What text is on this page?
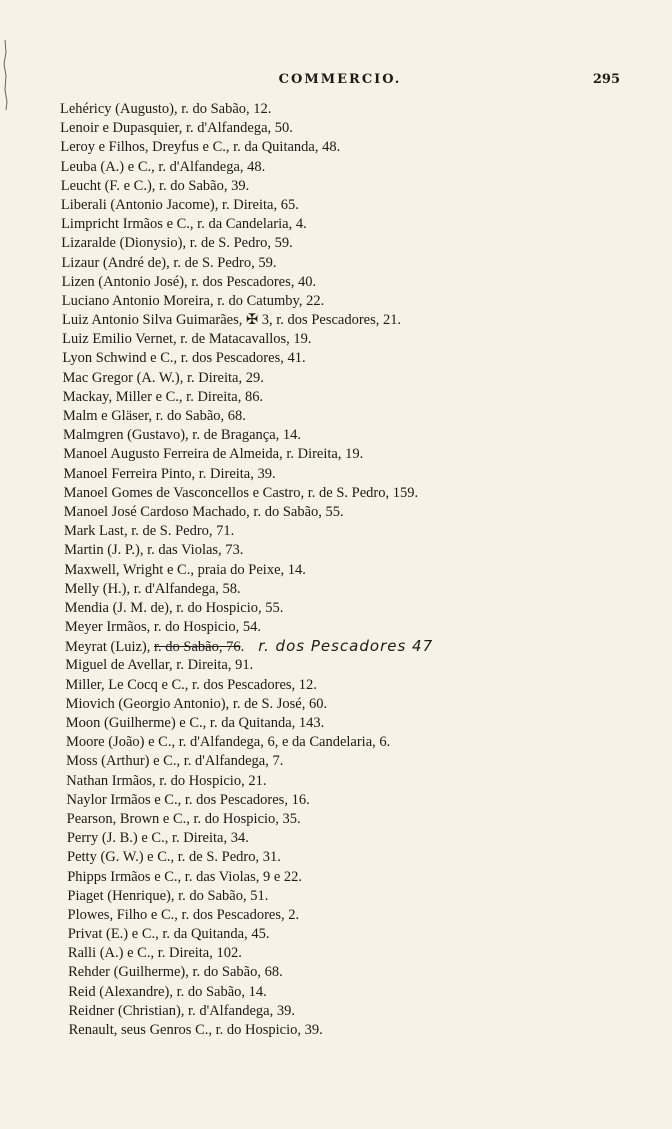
COMMERCIO.	295
Lehéricy (Augusto), r. do Sabão, 12.
Lenoir e Dupasquier, r. d'Alfandega, 50.
Leroy e Filhos, Dreyfus e C., r. da Quitanda, 48.
Leuba (A.) e C., r. d'Alfandega, 48.
Leucht (F. e C.), r. do Sabão, 39.
Liberali (Antonio Jacome), r. Direita, 65.
Limpricht Irmãos e C., r. da Candelaria, 4.
Lizaralde (Dionysio), r. de S. Pedro, 59.
Lizaur (André de), r. de S. Pedro, 59.
Lizen (Antonio José), r. dos Pescadores, 40.
Luciano Antonio Moreira, r. do Catumby, 22.
Luiz Antonio Silva Guimarães, ✠ 3, r. dos Pescadores, 21.
Luiz Emilio Vernet, r. de Matacavallos, 19.
Lyon Schwind e C., r. dos Pescadores, 41.
Mac Gregor (A. W.), r. Direita, 29.
Mackay, Miller e C., r. Direita, 86.
Malm e Gläser, r. do Sabão, 68.
Malmgren (Gustavo), r. de Bragança, 14.
Manoel Augusto Ferreira de Almeida, r. Direita, 19.
Manoel Ferreira Pinto, r. Direita, 39.
Manoel Gomes de Vasconcellos e Castro, r. de S. Pedro, 159.
Manoel José Cardoso Machado, r. do Sabão, 55.
Mark Last, r. de S. Pedro, 71.
Martin (J. P.), r. das Violas, 73.
Maxwell, Wright e C., praia do Peixe, 14.
Melly (H.), r. d'Alfandega, 58.
Mendia (J. M. de), r. do Hospicio, 55.
Meyer Irmãos, r. do Hospicio, 54.
Meyrat (Luiz), r. do Sabão, 76. r. dos Pescadores 47
Miguel de Avellar, r. Direita, 91.
Miller, Le Cocq e C., r. dos Pescadores, 12.
Miovich (Georgio Antonio), r. de S. José, 60.
Moon (Guilherme) e C., r. da Quitanda, 143.
Moore (João) e C., r. d'Alfandega, 6, e da Candelaria, 6.
Moss (Arthur) e C., r. d'Alfandega, 7.
Nathan Irmãos, r. do Hospicio, 21.
Naylor Irmãos e C., r. dos Pescadores, 16.
Pearson, Brown e C., r. do Hospicio, 35.
Perry (J. B.) e C., r. Direita, 34.
Petty (G. W.) e C., r. de S. Pedro, 31.
Phipps Irmãos e C., r. das Violas, 9 e 22.
Piaget (Henrique), r. do Sabão, 51.
Plowes, Filho e C., r. dos Pescadores, 2.
Privat (E.) e C., r. da Quitanda, 45.
Ralli (A.) e C., r. Direita, 102.
Rehder (Guilherme), r. do Sabão, 68.
Reid (Alexandre), r. do Sabão, 14.
Reidner (Christian), r. d'Alfandega, 39.
Renault, seus Genros C., r. do Hospicio, 39.
